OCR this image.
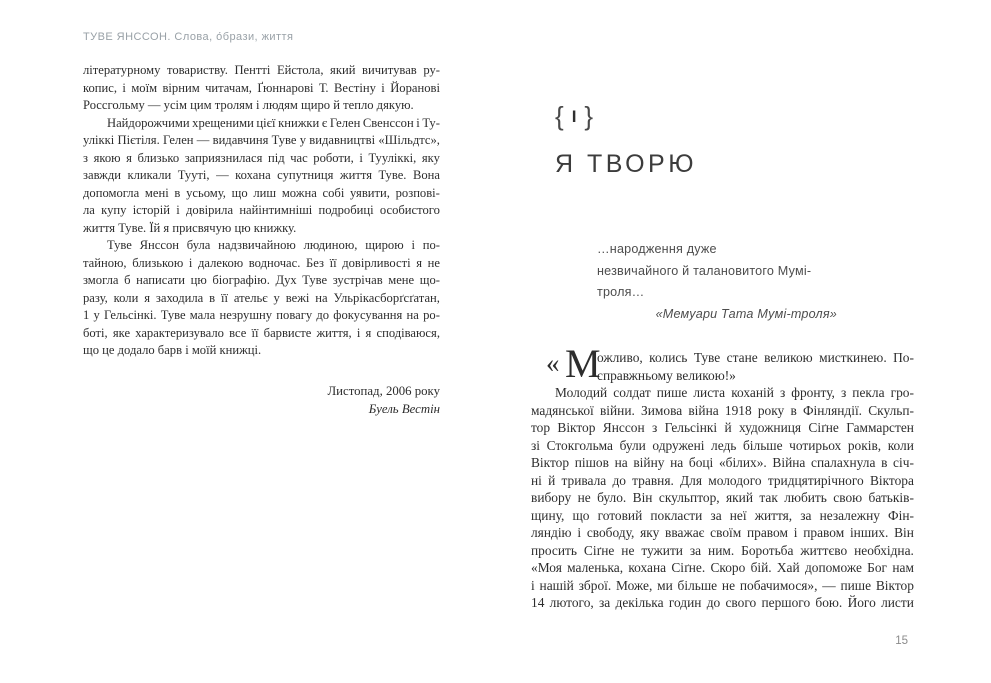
ТУВЕ ЯНССОН. Слова, о́брази, життя
літературному товариству. Пентті Ейстола, який вичитував ру-
копис, і моїм вірним читачам, Ґюннарові Т. Вестіну і Йоранові
Россгольму — усім цим тролям і людям щиро й тепло дякую.
Найдорожчими хрещеними цієї книжки є Гелен Свенссон і Ту-
уліккі Пієтіля. Гелен — видавчиня Туве у видавництві «Шільдтс»,
з якою я близько заприязнилася під час роботи, і Тууліккі, яку
завжди кликали Тууті, — кохана супутниця життя Туве. Вона
допомогла мені в усьому, що лиш можна собі уявити, розпові-
ла купу історій і довірила найінтимніші подробиці особистого
життя Туве. Їй я присвячую цю книжку.
Туве Янссон була надзвичайною людиною, щирою і по-
тайною, близькою і далекою водночас. Без її довірливості я не
змогла б написати цю біографію. Дух Туве зустрічав мене що-
разу, коли я заходила в її ательє у вежі на Ульрікасборґсґатан,
1 у Гельсінкі. Туве мала незрушну повагу до фокусування на ро-
боті, яке характеризувало все її барвисте життя, і я сподіваюся,
що це додало барв і моїй книжці.
Листопад, 2006 року
Буель Вестін
{ I }
Я ТВОРЮ
…народження дуже
незвичайного й талановитого Мумі-троля…
«Мемуари Тата Мумі-троля»
« М
ожливо, колись Туве стане великою мисткинею. По-
справжньому великою!»
Молодий солдат пише листа коханій з фронту, з пекла гро-
мадянської війни. Зимова війна 1918 року в Фінляндії. Скульп-
тор Віктор Янссон з Гельсінкі й художниця Сіґне Гаммарстен
зі Стокгольма були одружені ледь більше чотирьох років, коли
Віктор пішов на війну на боці «білих». Війна спалахнула в січ-
ні й тривала до травня. Для молодого тридцятирічного Віктора
вибору не було. Він скульптор, який так любить свою батьків-
щину, що готовий покласти за неї життя, за незалежну Фін-
ляндію і свободу, яку вважає своїм правом і правом інших. Він
просить Сіґне не тужити за ним. Боротьба життєво необхідна.
«Моя маленька, кохана Сіґне. Скоро бій. Хай допоможе Бог нам
і нашій зброї. Може, ми більше не побачимося», — пише Віктор
14 лютого, за декілька годин до свого першого бою. Його листи
15
